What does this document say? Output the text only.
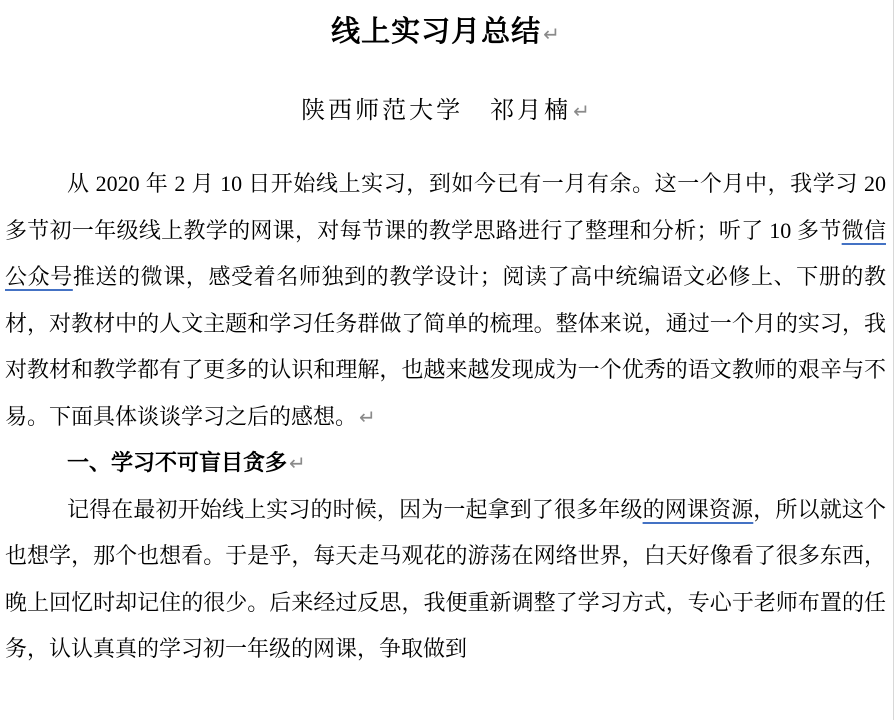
线上实习月总结 ↵
陕西师范大学　祁月楠 ↵

从 2020 年 2 月 10 日开始线上实习，到如今已有一月有余。这一个月中，我学习 20 多节初一年级线上教学的网课，对每节课的教学思路进行了整理和分析；听了 10 多节微信公众号推送的微课，感受着名师独到的教学设计；阅读了高中统编语文必修上、下册的教材，对教材中的人文主题和学习任务群做了简单的梳理。整体来说，通过一个月的实习，我对教材和教学都有了更多的认识和理解，也越来越发现成为一个优秀的语文教师的艰辛与不易。下面具体谈谈学习之后的感想。 ↵

一、学习不可盲目贪多 ↵

记得在最初开始线上实习的时候，因为一起拿到了很多年级的网课资源，所以就这个也想学，那个也想看。于是乎，每天走马观花的游荡在网络世界，白天好像看了很多东西，晚上回忆时却记住的很少。后来经过反思，我便重新调整了学习方式，专心于老师布置的任务，认认真真的学习初一年级的网课，争取做到
